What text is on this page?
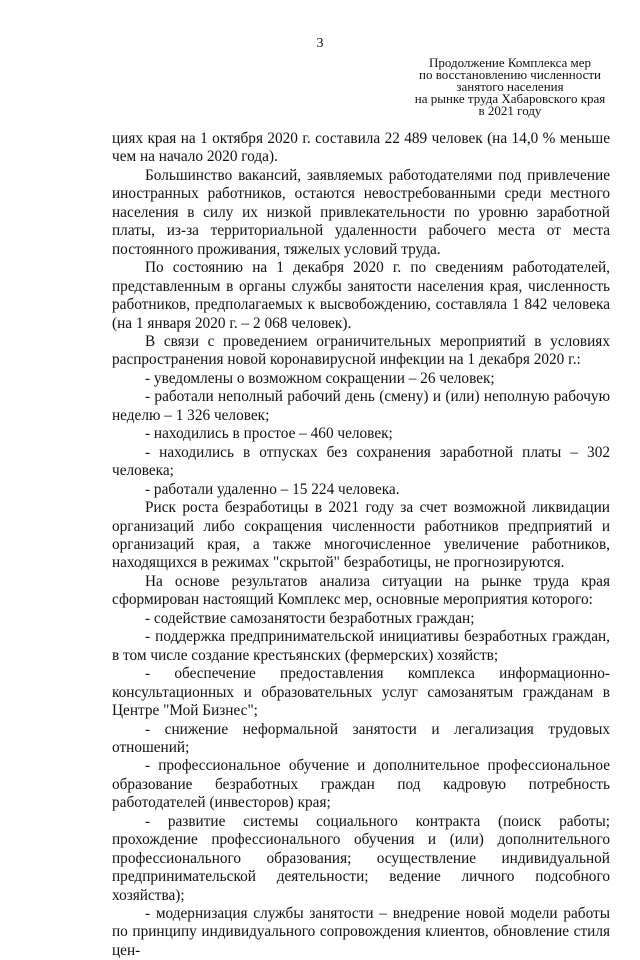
3
Продолжение Комплекса мер
по восстановлению численности
занятого населения
на рынке труда Хабаровского края
в 2021 году

циях края на 1 октября 2020 г. составила 22 489 человек (на 14,0 % меньше чем на начало 2020 года).

Большинство вакансий, заявляемых работодателями под привлечение иностранных работников, остаются невостребованными среди местного населения в силу их низкой привлекательности по уровню заработной платы, из-за территориальной удаленности рабочего места от места постоянного проживания, тяжелых условий труда.

По состоянию на 1 декабря 2020 г. по сведениям работодателей, представленным в органы службы занятости населения края, численность работников, предполагаемых к высвобождению, составляла 1 842 человека (на 1 января 2020 г. – 2 068 человек).

В связи с проведением ограничительных мероприятий в условиях распространения новой коронавирусной инфекции на 1 декабря 2020 г.:

- уведомлены о возможном сокращении – 26 человек;

- работали неполный рабочий день (смену) и (или) неполную рабочую неделю – 1 326 человек;

- находились в простое – 460 человек;

- находились в отпусках без сохранения заработной платы – 302 человека;

- работали удаленно – 15 224 человека.

Риск роста безработицы в 2021 году за счет возможной ликвидации организаций либо сокращения численности работников предприятий и организаций края, а также многочисленное увеличение работников, находящихся в режимах "скрытой" безработицы, не прогнозируются.

На основе результатов анализа ситуации на рынке труда края сформирован настоящий Комплекс мер, основные мероприятия которого:

- содействие самозанятости безработных граждан;

- поддержка предпринимательской инициативы безработных граждан, в том числе создание крестьянских (фермерских) хозяйств;

- обеспечение предоставления комплекса информационно-консультационных и образовательных услуг самозанятым гражданам в Центре "Мой Бизнес";

- снижение неформальной занятости и легализация трудовых отношений;

- профессиональное обучение и дополнительное профессиональное образование безработных граждан под кадровую потребность работодателей (инвесторов) края;

- развитие системы социального контракта (поиск работы; прохождение профессионального обучения и (или) дополнительного профессионального образования; осуществление индивидуальной предпринимательской деятельности; ведение личного подсобного хозяйства);

- модернизация службы занятости – внедрение новой модели работы по принципу индивидуального сопровождения клиентов, обновление стиля цен-
